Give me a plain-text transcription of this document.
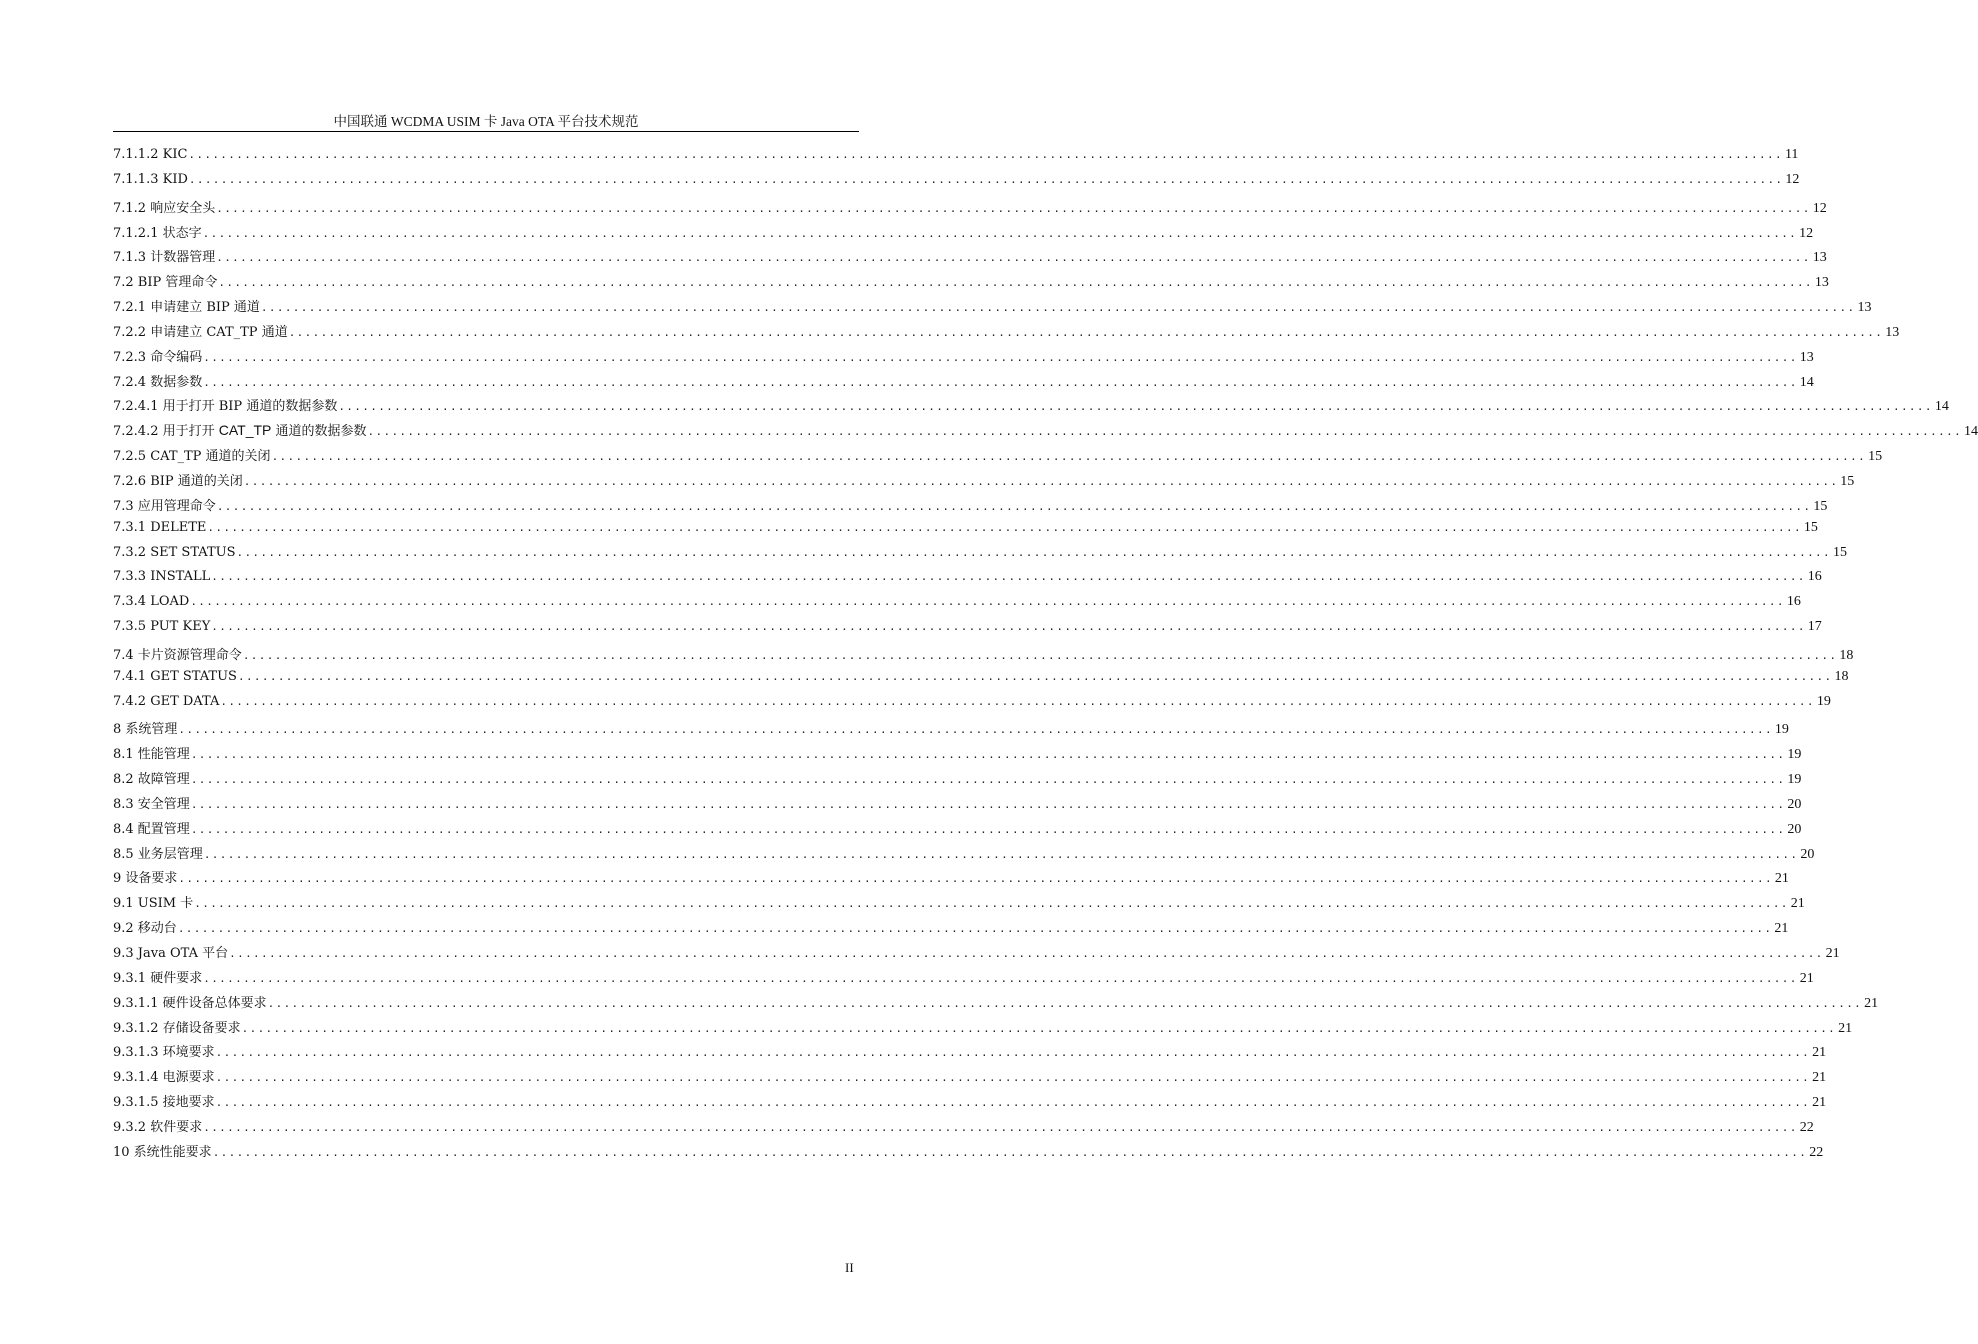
中国联通 WCDMA USIM 卡 Java OTA 平台技术规范
7.1.1.2 KIC ........................................................................................................................................................................................................ 11
7.1.1.3 KID ........................................................................................................................................................................................................ 12
7.1.2 响应安全头 ........................................................................................................................................................................................................ 12
7.1.2.1 状态字 ........................................................................................................................................................................................................ 12
7.1.3 计数器管理 ........................................................................................................................................................................................................ 13
7.2 BIP 管理命令 ........................................................................................................................................................................................................ 13
7.2.1 申请建立 BIP 通道 ........................................................................................................................................................................................................ 13
7.2.2 申请建立 CAT_TP 通道 ........................................................................................................................................................................................................ 13
7.2.3 命令编码 ........................................................................................................................................................................................................ 13
7.2.4 数据参数 ........................................................................................................................................................................................................ 14
7.2.4.1 用于打开 BIP 通道的数据参数 ........................................................................................................................................................................................................ 14
7.2.4.2 用于打开 CAT_TP 通道的数据参数 ........................................................................................................................................................................................................ 14
7.2.5 CAT_TP 通道的关闭 ........................................................................................................................................................................................................ 15
7.2.6 BIP 通道的关闭 ........................................................................................................................................................................................................ 15
7.3 应用管理命令 ........................................................................................................................................................................................................ 15
7.3.1 DELETE ........................................................................................................................................................................................................ 15
7.3.2 SET STATUS ........................................................................................................................................................................................................ 15
7.3.3 INSTALL ........................................................................................................................................................................................................ 16
7.3.4 LOAD ........................................................................................................................................................................................................ 16
7.3.5 PUT KEY ........................................................................................................................................................................................................ 17
7.4 卡片资源管理命令 ........................................................................................................................................................................................................ 18
7.4.1 GET STATUS ........................................................................................................................................................................................................ 18
7.4.2 GET DATA ........................................................................................................................................................................................................ 19
8 系统管理 ........................................................................................................................................................................................................ 19
8.1 性能管理 ........................................................................................................................................................................................................ 19
8.2 故障管理 ........................................................................................................................................................................................................ 19
8.3 安全管理 ........................................................................................................................................................................................................ 20
8.4 配置管理 ........................................................................................................................................................................................................ 20
8.5 业务层管理 ........................................................................................................................................................................................................ 20
9 设备要求 ........................................................................................................................................................................................................ 21
9.1 USIM 卡 ........................................................................................................................................................................................................ 21
9.2 移动台 ........................................................................................................................................................................................................ 21
9.3 Java OTA 平台 ........................................................................................................................................................................................................ 21
9.3.1 硬件要求 ........................................................................................................................................................................................................ 21
9.3.1.1 硬件设备总体要求 ........................................................................................................................................................................................................ 21
9.3.1.2 存储设备要求 ........................................................................................................................................................................................................ 21
9.3.1.3 环境要求 ........................................................................................................................................................................................................ 21
9.3.1.4 电源要求 ........................................................................................................................................................................................................ 21
9.3.1.5 接地要求 ........................................................................................................................................................................................................ 21
9.3.2 软件要求 ........................................................................................................................................................................................................ 22
10 系统性能要求 ........................................................................................................................................................................................................ 22
II
